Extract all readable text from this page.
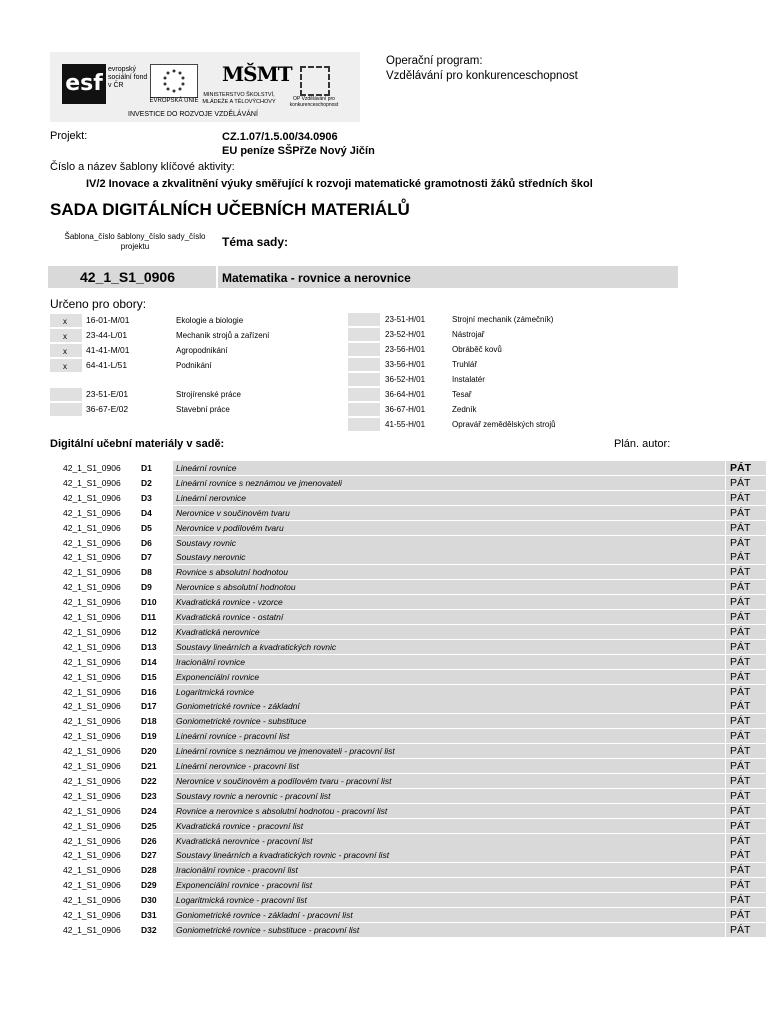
esf
evropský sociální fond v ČR
EVROPSKÁ UNIE
MŠMT
MINISTERSTVO ŠKOLSTVÍ, MLÁDEŽE A TĚLOVÝCHOVY	OP Vzdělávání pro konkurenceschopnost
INVESTICE DO ROZVOJE VZDĚLÁVÁNÍ
Operační program:
Vzdělávání pro konkurenceschopnost
Projekt:	CZ.1.07/1.5.00/34.0906
EU peníze SŠPřZe Nový Jičín
Číslo a název šablony klíčové aktivity:
IV/2 Inovace a zkvalitnění výuky směřující k rozvoji matematické gramotnosti žáků středních škol
SADA DIGITÁLNÍCH UČEBNÍCH MATERIÁLŮ
Šablona_číslo šablony_číslo sady_číslo projektu	Téma sady:
42_1_S1_0906	Matematika - rovnice a nerovnice
Určeno pro obory:
x 16-01-M/01	Ekologie a biologie
x 23-44-L/01	Mechanik strojů a zařízení
x 41-41-M/01	Agropodnikání
x 64-41-L/51	Podnikání
23-51-E/01	Strojírenské práce
36-67-E/02	Stavební práce
23-51-H/01	Strojní mechanik (zámečník)
23-52-H/01	Nástrojař
23-56-H/01	Obráběč kovů
33-56-H/01	Truhlář
36-52-H/01	Instalatér
36-64-H/01	Tesař
36-67-H/01	Zedník
41-55-H/01	Opravář zemědělských strojů
Digitální učební materiály v sadě:	Plán. autor:
42_1_S1_0906 D1	Lineární rovnice	PÁT
42_1_S1_0906 D2	Lineární rovnice s neznámou ve jmenovateli	PÁT
42_1_S1_0906 D3	Lineární nerovnice	PÁT
42_1_S1_0906 D4	Nerovnice v součinovém tvaru	PÁT
42_1_S1_0906 D5	Nerovnice v podílovém tvaru	PÁT
42_1_S1_0906 D6	Soustavy rovnic	PÁT
42_1_S1_0906 D7	Soustavy nerovnic	PÁT
42_1_S1_0906 D8	Rovnice s absolutní hodnotou	PÁT
42_1_S1_0906 D9	Nerovnice s absolutní hodnotou	PÁT
42_1_S1_0906 D10 Kvadratická rovnice - vzorce	PÁT
42_1_S1_0906 D11 Kvadratická rovnice - ostatní	PÁT
42_1_S1_0906 D12 Kvadratická nerovnice	PÁT
42_1_S1_0906 D13 Soustavy lineárních a kvadratických rovnic	PÁT
42_1_S1_0906 D14 Iracionální rovnice	PÁT
42_1_S1_0906 D15 Exponenciální rovnice	PÁT
42_1_S1_0906 D16 Logaritmická rovnice	PÁT
42_1_S1_0906 D17 Goniometrické rovnice - základní	PÁT
42_1_S1_0906 D18 Goniometrické rovnice - substituce	PÁT
42_1_S1_0906 D19 Lineární rovnice - pracovní list	PÁT
42_1_S1_0906 D20 Lineární rovnice s neznámou ve jmenovateli - pracovní list	PÁT
42_1_S1_0906 D21 Lineární nerovnice - pracovní list	PÁT
42_1_S1_0906 D22 Nerovnice v součinovém a podílovém tvaru - pracovní list	PÁT
42_1_S1_0906 D23 Soustavy rovnic a nerovnic - pracovní list	PÁT
42_1_S1_0906 D24 Rovnice a nerovnice s absolutní hodnotou - pracovní list	PÁT
42_1_S1_0906 D25 Kvadratická rovnice - pracovní list	PÁT
42_1_S1_0906 D26 Kvadratická nerovnice - pracovní list	PÁT
42_1_S1_0906 D27 Soustavy lineárních a kvadratických rovnic - pracovní list	PÁT
42_1_S1_0906 D28 Iracionální rovnice - pracovní list	PÁT
42_1_S1_0906 D29 Exponenciální rovnice - pracovní list	PÁT
42_1_S1_0906 D30 Logaritmická rovnice - pracovní list	PÁT
42_1_S1_0906 D31 Goniometrické rovnice - základní - pracovní list	PÁT
42_1_S1_0906 D32 Goniometrické rovnice - substituce - pracovní list	PÁT
